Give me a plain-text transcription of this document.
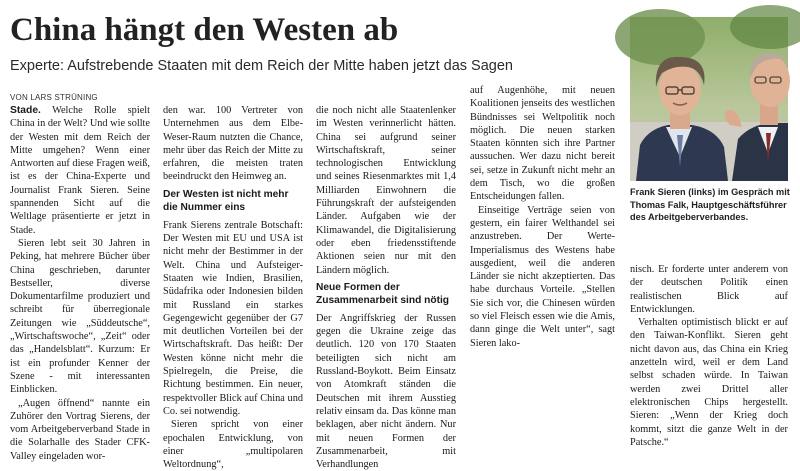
China hängt den Westen ab
Experte: Aufstrebende Staaten mit dem Reich der Mitte haben jetzt das Sagen
VON LARS STRÜNING

Stade. Welche Rolle spielt China in der Welt? Und wie sollte der Westen mit dem Reich der Mitte umgehen? Wenn einer Antworten auf diese Fragen weiß, ist es der China-Experte und Journalist Frank Sieren. Seine spannenden Sicht auf die Weltlage präsentierte er jetzt in Stade.

Sieren lebt seit 30 Jahren in Peking, hat mehrere Bücher über China geschrieben, darunter Bestseller, diverse Dokumentarfilme produziert und schreibt für überregionale Zeitungen wie „Süddeutsche“, „Wirtschaftswoche“, „Zeit“ oder das „Handelsblatt“. Kurzum: Er ist ein profunder Kenner der Szene - mit interessanten Einblicken.

„Augen öffnend“ nannte ein Zuhörer den Vortrag Sierens, der vom Arbeitgeberverband Stade in die Solarhalle des Stader CFK-Valley eingeladen wor-

den war. 100 Vertreter von Unternehmen aus dem Elbe-Weser-Raum nutzten die Chance, mehr über das Reich der Mitte zu erfahren, die meisten traten beeindruckt den Heimweg an.

Der Westen ist nicht mehr die Nummer eins

Frank Sierens zentrale Botschaft: Der Westen mit EU und USA ist nicht mehr der Bestimmer in der Welt. China und Aufsteiger-Staaten wie Indien, Brasilien, Südafrika oder Indonesien bilden mit Russland ein starkes Gegengewicht gegenüber der G7 mit deutlichen Vorteilen bei der Wirtschaftskraft. Das heißt: Der Westen könne nicht mehr die Spielregeln, die Preise, die Richtung bestimmen. Ein neuer, respektvoller Blick auf China und Co. sei notwendig.

Sieren spricht von einer epochalen Entwicklung, von einer „multipolaren Weltordnung“,

die noch nicht alle Staatenlenker im Westen verinnerlicht hätten. China sei aufgrund seiner Wirtschaftskraft, seiner technologischen Entwicklung und seines Riesenmarktes mit 1,4 Milliarden Einwohnern die Führungskraft der aufsteigenden Länder. Aufgaben wie der Klimawandel, die Digitalisierung oder eben friedensstiftende Aktionen seien nur mit den Ländern möglich.

Neue Formen der Zusammenarbeit sind nötig

Der Angriffskrieg der Russen gegen die Ukraine zeige das deutlich. 120 von 170 Staaten beteiligten sich nicht am Russland-Boykott. Beim Einsatz von Atomkraft ständen die Deutschen mit ihrem Ausstieg relativ einsam da. Das könne man beklagen, aber nicht ändern. Nur mit neuen Formen der Zusammenarbeit, mit Verhandlungen

auf Augenhöhe, mit neuen Koalitionen jenseits des westlichen Bündnisses sei Weltpolitik noch möglich. Die neuen starken Staaten könnten sich ihre Partner aussuchen. Wer dazu nicht bereit sei, setze in Zukunft nicht mehr an dem Tisch, wo die großen Entscheidungen fallen.

Einseitige Verträge seien von gestern, ein fairer Welthandel sei anzustreben. Der Werte-Imperialismus des Westens habe ausgedient, weil die anderen Länder sie nicht akzeptierten. Das habe durchaus Vorteile. „Stellen Sie sich vor, die Chinesen würden so viel Fleisch essen wie die Amis, dann ginge die Welt unter“, sagt Sieren lako-

Frank Sieren (links) im Gespräch mit Thomas Falk, Hauptgeschäftsführer des Arbeitgeberverbandes.

nisch. Er forderte unter anderem von der deutschen Politik einen realistischen Blick auf Entwicklungen.

Verhalten optimistisch blickt er auf den Taiwan-Konflikt. Sieren geht nicht davon aus, das China ein Krieg anzetteln wird, weil er dem Land selbst schaden würde. In Taiwan werden zwei Drittel aller elektronischen Chips hergestellt. Sieren: „Wenn der Krieg doch kommt, sitzt die ganze Welt in der Patsche.“
